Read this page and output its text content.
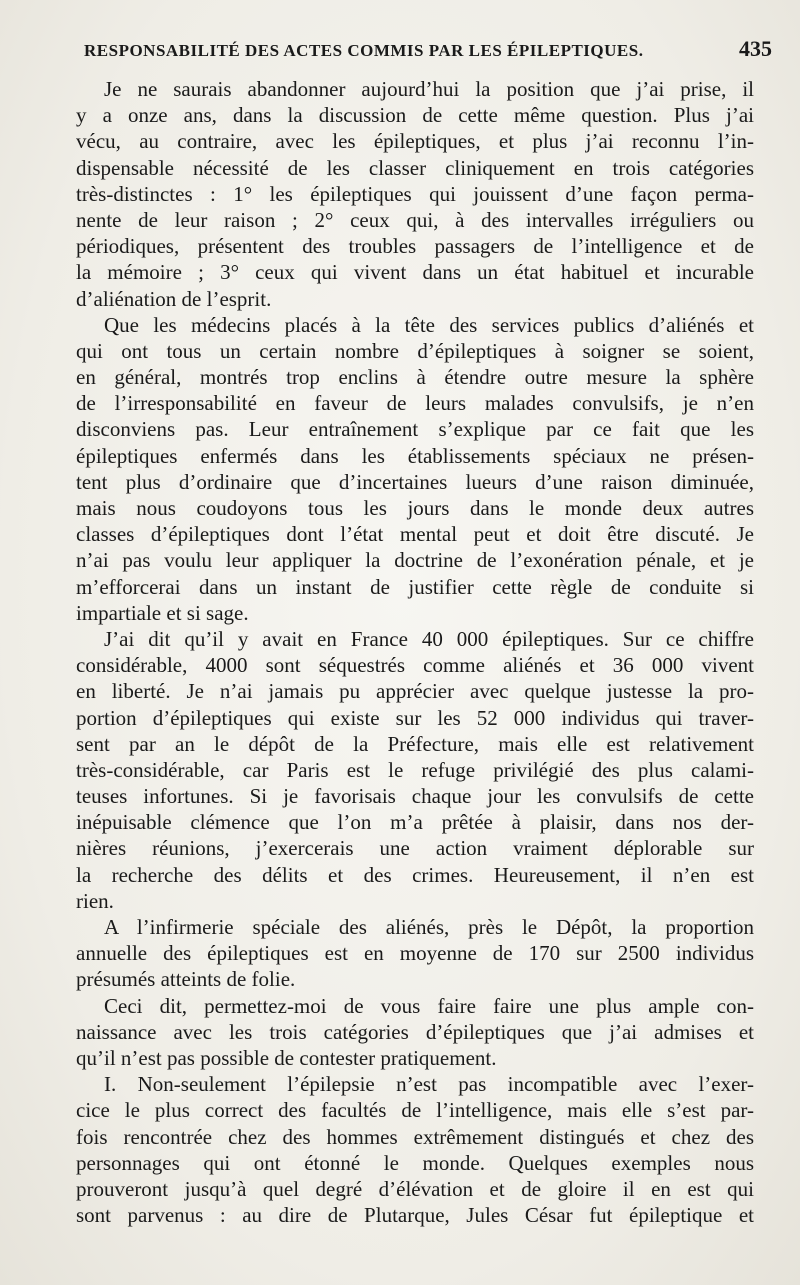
RESPONSABILITÉ DES ACTES COMMIS PAR LES ÉPILEPTIQUES.	435
Je ne saurais abandonner aujourd’hui la position que j’ai prise, il
y a onze ans, dans la discussion de cette même question. Plus j’ai
vécu, au contraire, avec les épileptiques, et plus j’ai reconnu l’in-
dispensable nécessité de les classer cliniquement en trois catégories
très-distinctes : 1° les épileptiques qui jouissent d’une façon perma-
nente de leur raison ; 2° ceux qui, à des intervalles irréguliers ou
périodiques, présentent des troubles passagers de l’intelligence et de
la mémoire ; 3° ceux qui vivent dans un état habituel et incurable
d’aliénation de l’esprit.
Que les médecins placés à la tête des services publics d’aliénés et
qui ont tous un certain nombre d’épileptiques à soigner se soient,
en général, montrés trop enclins à étendre outre mesure la sphère
de l’irresponsabilité en faveur de leurs malades convulsifs, je n’en
disconviens pas. Leur entraînement s’explique par ce fait que les
épileptiques enfermés dans les établissements spéciaux ne présen-
tent plus d’ordinaire que d’incertaines lueurs d’une raison diminuée,
mais nous coudoyons tous les jours dans le monde deux autres
classes d’épileptiques dont l’état mental peut et doit être discuté. Je
n’ai pas voulu leur appliquer la doctrine de l’exonération pénale, et je
m’efforcerai dans un instant de justifier cette règle de conduite si
impartiale et si sage.
J’ai dit qu’il y avait en France 40 000 épileptiques. Sur ce chiffre
considérable, 4000 sont séquestrés comme aliénés et 36 000 vivent
en liberté. Je n’ai jamais pu apprécier avec quelque justesse la pro-
portion d’épileptiques qui existe sur les 52 000 individus qui traver-
sent par an le dépôt de la Préfecture, mais elle est relativement
très-considérable, car Paris est le refuge privilégié des plus calami-
teuses infortunes. Si je favorisais chaque jour les convulsifs de cette
inépuisable clémence que l’on m’a prêtée à plaisir, dans nos der-
nières réunions, j’exercerais une action vraiment déplorable sur
la recherche des délits et des crimes. Heureusement, il n’en est
rien.
A l’infirmerie spéciale des aliénés, près le Dépôt, la proportion
annuelle des épileptiques est en moyenne de 170 sur 2500 individus
présumés atteints de folie.
Ceci dit, permettez-moi de vous faire faire une plus ample con-
naissance avec les trois catégories d’épileptiques que j’ai admises et
qu’il n’est pas possible de contester pratiquement.
I. Non-seulement l’épilepsie n’est pas incompatible avec l’exer-
cice le plus correct des facultés de l’intelligence, mais elle s’est par-
fois rencontrée chez des hommes extrêmement distingués et chez des
personnages qui ont étonné le monde. Quelques exemples nous
prouveront jusqu’à quel degré d’élévation et de gloire il en est qui
sont parvenus : au dire de Plutarque, Jules César fut épileptique et
